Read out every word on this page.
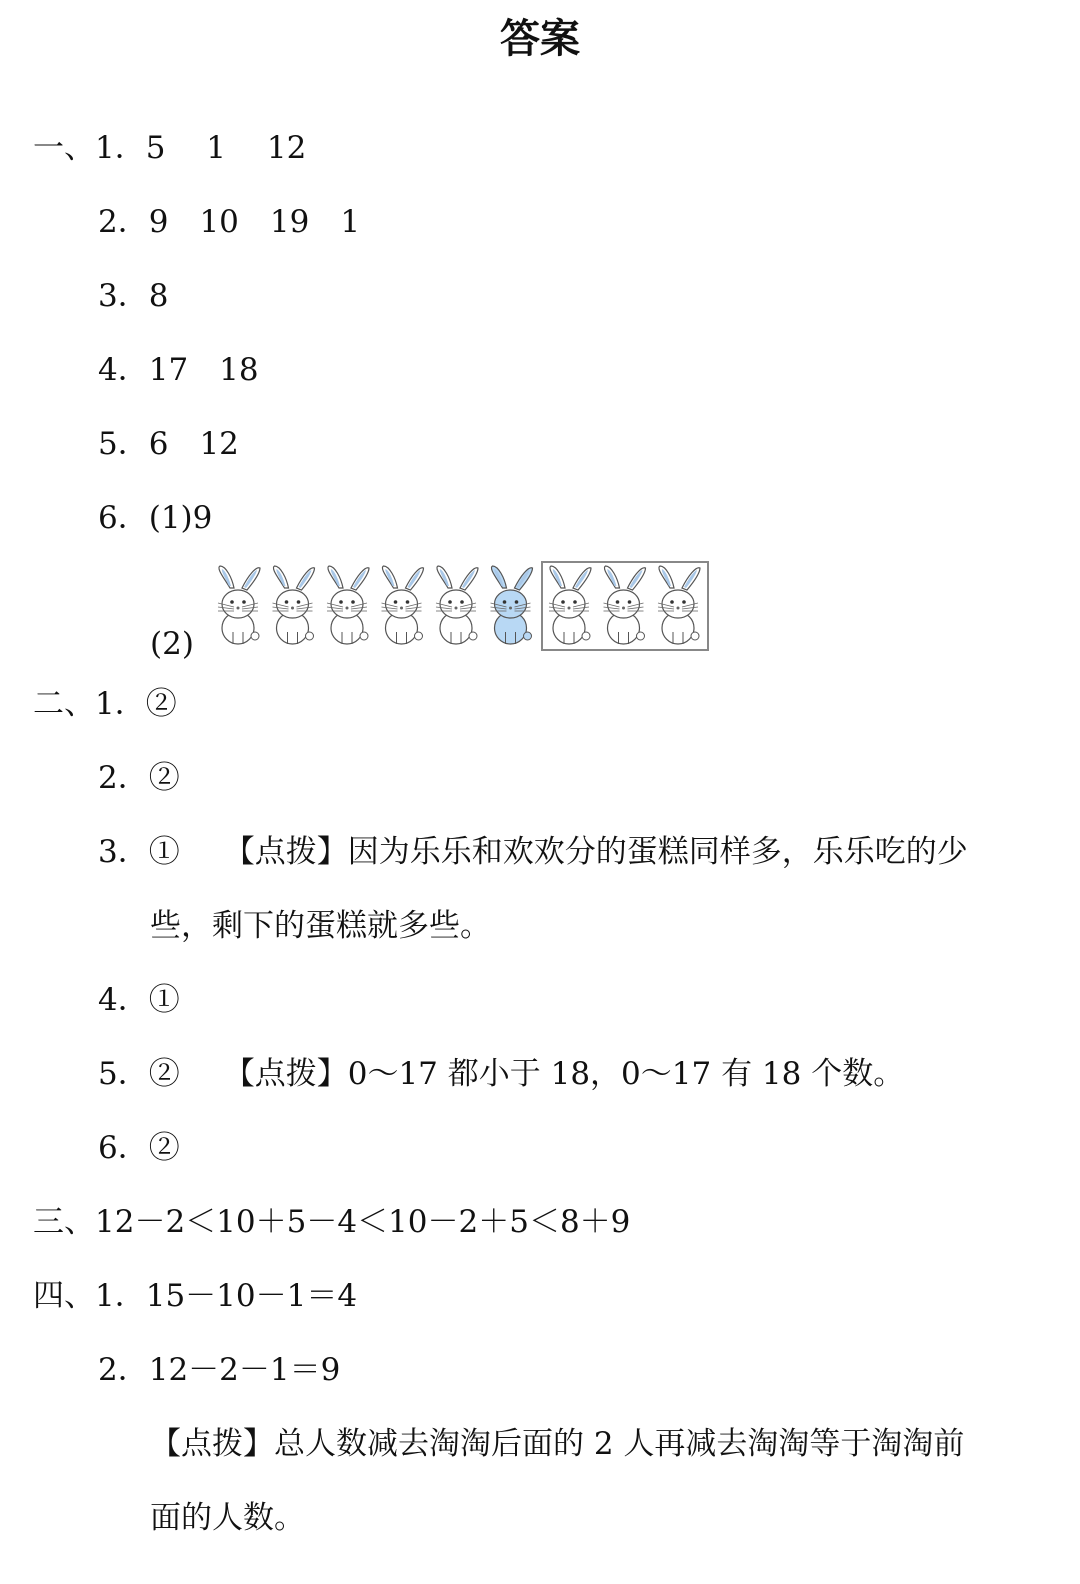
答案
一、1．5　 1　 12
2．9　10　19　1
3．8
4．17　18
5．6　12
6．(1)9
(2)
二、1．②
2．②
3．① 【点拨】因为乐乐和欢欢分的蛋糕同样多，乐乐吃的少
些，剩下的蛋糕就多些。
4．①
5．② 【点拨】0～17 都小于 18，0～17 有 18 个数。
6．②
三、12－2＜10＋5－4＜10－2＋5＜8＋9
四、1．15－10－1＝4
2．12－2－1＝9
【点拨】总人数减去淘淘后面的 2 人再减去淘淘等于淘淘前
面的人数。
